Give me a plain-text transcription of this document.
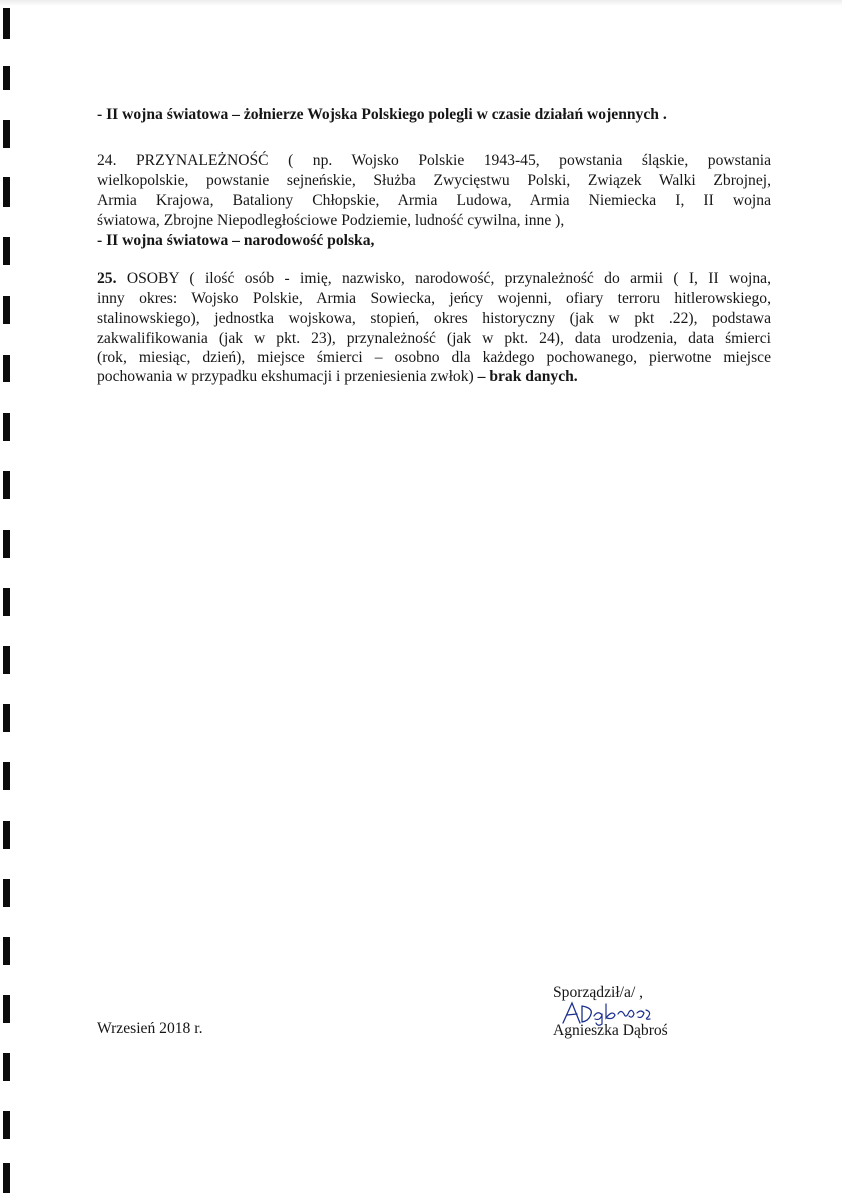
- II wojna światowa – żołnierze Wojska Polskiego polegli w czasie działań wojennych .
24. PRZYNALEŻNOŚĆ ( np. Wojsko Polskie 1943-45, powstania śląskie, powstania
wielkopolskie, powstanie sejneńskie, Służba Zwycięstwu Polski, Związek Walki Zbrojnej,
Armia Krajowa, Bataliony Chłopskie, Armia Ludowa, Armia Niemiecka I, II wojna
światowa, Zbrojne Niepodległościowe Podziemie, ludność cywilna, inne ),
- II wojna światowa – narodowość polska,
25. OSOBY ( ilość osób - imię, nazwisko, narodowość, przynależność do armii ( I, II wojna,
inny okres: Wojsko Polskie, Armia Sowiecka, jeńcy wojenni, ofiary terroru hitlerowskiego,
stalinowskiego), jednostka wojskowa, stopień, okres historyczny (jak w pkt .22), podstawa
zakwalifikowania (jak w pkt. 23), przynależność (jak w pkt. 24), data urodzenia, data śmierci
(rok, miesiąc, dzień), miejsce śmierci – osobno dla każdego pochowanego, pierwotne miejsce
pochowania w przypadku ekshumacji i przeniesienia zwłok) – brak danych.
Wrzesień 2018 r.
Sporządził/a/ ,
Agnieszka Dąbroś
